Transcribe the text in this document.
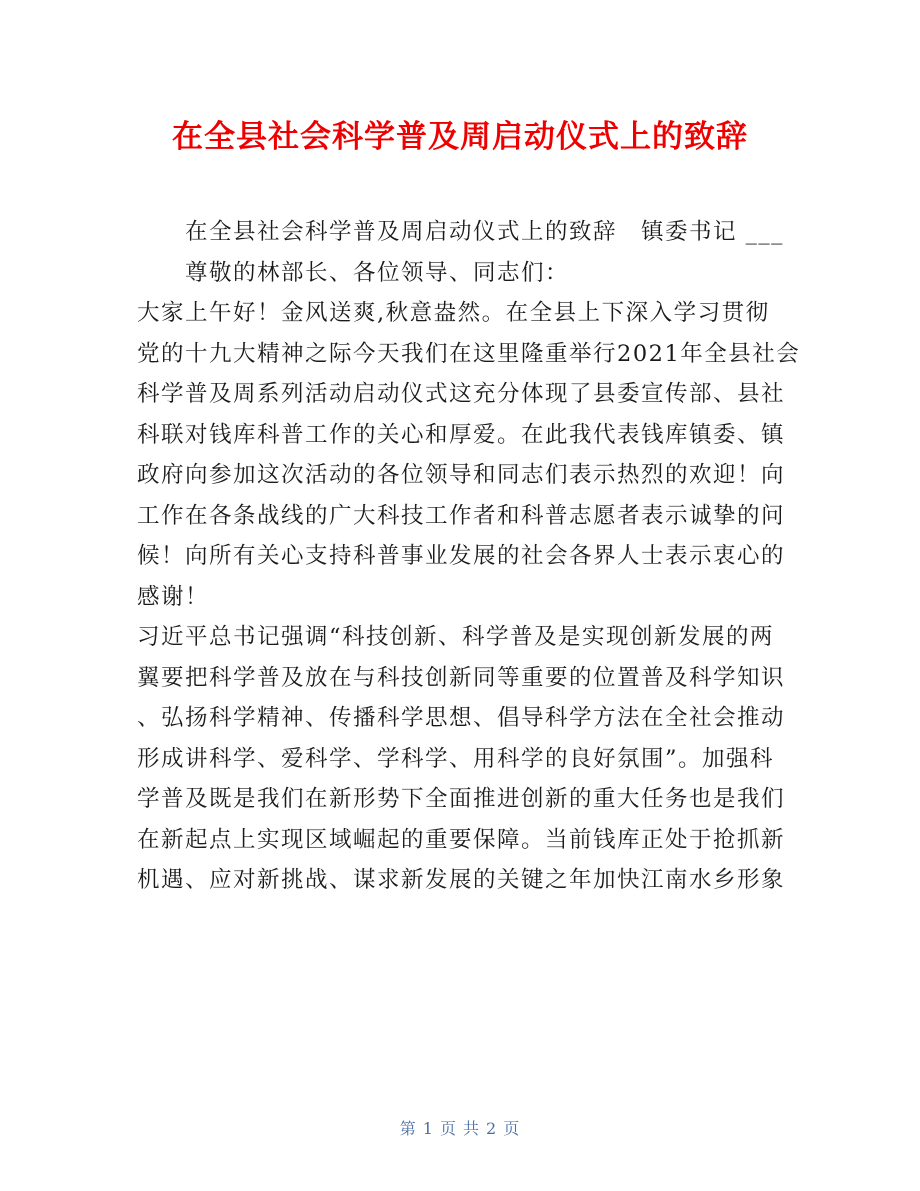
在全县社会科学普及周启动仪式上的致辞
在全县社会科学普及周启动仪式上的致辞　镇委书记 ___
尊敬的林部长、各位领导、同志们：
大家上午好！金风送爽,秋意盎然。在全县上下深入学习贯彻
党的十九大精神之际今天我们在这里隆重举行2021年全县社会
科学普及周系列活动启动仪式这充分体现了县委宣传部、县社
科联对钱库科普工作的关心和厚爱。在此我代表钱库镇委、镇
政府向参加这次活动的各位领导和同志们表示热烈的欢迎！向
工作在各条战线的广大科技工作者和科普志愿者表示诚挚的问
候！向所有关心支持科普事业发展的社会各界人士表示衷心的
感谢！
习近平总书记强调“科技创新、科学普及是实现创新发展的两
翼要把科学普及放在与科技创新同等重要的位置普及科学知识
、弘扬科学精神、传播科学思想、倡导科学方法在全社会推动
形成讲科学、爱科学、学科学、用科学的良好氛围”。加强科
学普及既是我们在新形势下全面推进创新的重大任务也是我们
在新起点上实现区域崛起的重要保障。当前钱库正处于抢抓新
机遇、应对新挑战、谋求新发展的关键之年加快江南水乡形象
第 1 页 共 2 页
